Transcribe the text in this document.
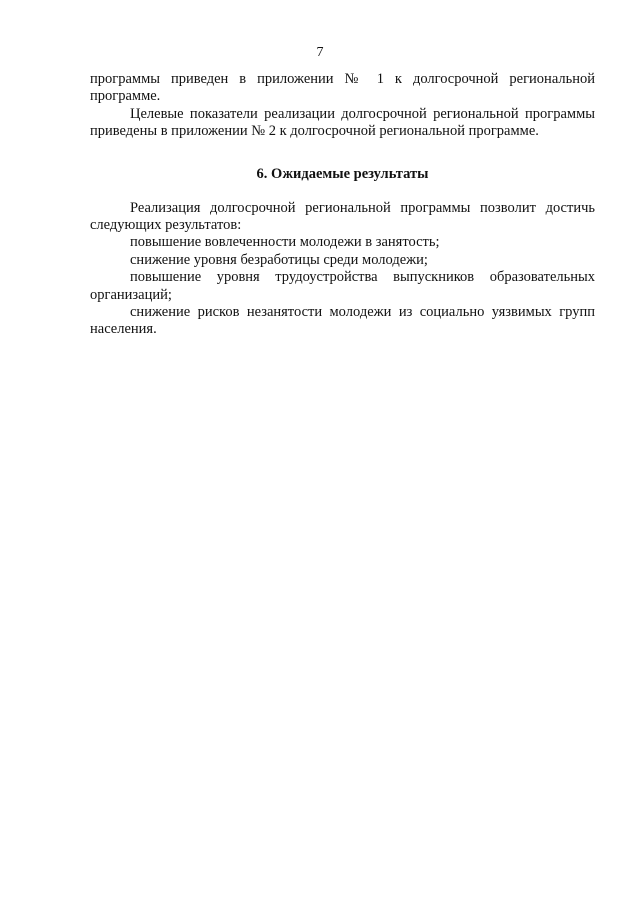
7

программы приведен в приложении № 1 к долгосрочной региональной программе.

Целевые показатели реализации долгосрочной региональной программы приведены в приложении № 2 к долгосрочной региональной программе.

6. Ожидаемые результаты

Реализация долгосрочной региональной программы позволит достичь следующих результатов:

повышение вовлеченности молодежи в занятость;

снижение уровня безработицы среди молодежи;

повышение уровня трудоустройства выпускников образовательных организаций;

снижение рисков незанятости молодежи из социально уязвимых групп населения.
